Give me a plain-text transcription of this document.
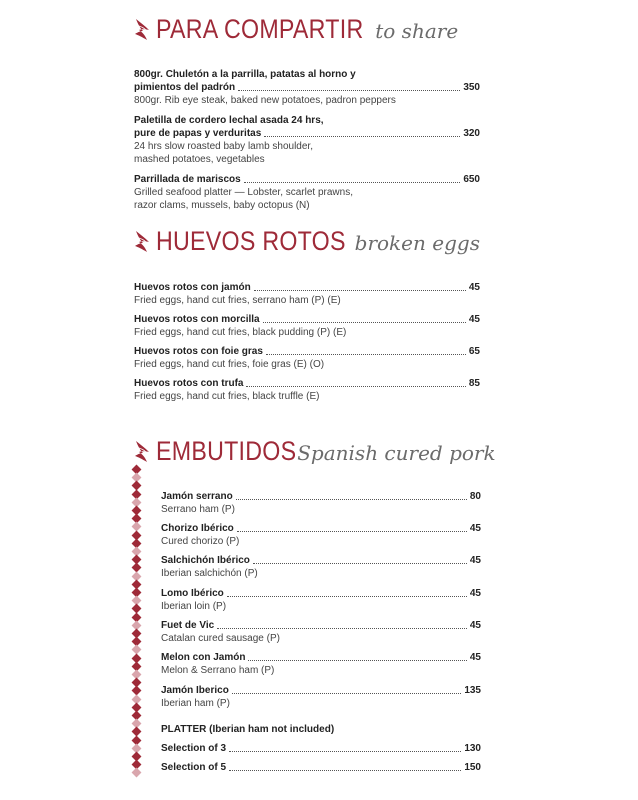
PARA COMPARTIR to share
800gr. Chuletón a la parrilla, patatas al horno y
pimientos del padrón	350
800gr. Rib eye steak, baked new potatoes, padron peppers
Paletilla de cordero lechal asada 24 hrs,
pure de papas y verduritas	320
24 hrs slow roasted baby lamb shoulder,
mashed potatoes, vegetables
Parrillada de mariscos	650
Grilled seafood platter — Lobster, scarlet prawns,
razor clams, mussels, baby octopus (N)
HUEVOS ROTOS broken eggs
Huevos rotos con jamón	45
Fried eggs, hand cut fries, serrano ham (P) (E)
Huevos rotos con morcilla	45
Fried eggs, hand cut fries, black pudding (P) (E)
Huevos rotos con foie gras	65
Fried eggs, hand cut fries, foie gras (E) (O)
Huevos rotos con trufa	85
Fried eggs, hand cut fries, black truffle (E)
EMBUTIDOS Spanish cured pork
Jamón serrano	80
Serrano ham (P)
Chorizo Ibérico	45
Cured chorizo (P)
Salchichón Ibérico	45
Iberian salchichón (P)
Lomo Ibérico	45
Iberian loin (P)
Fuet de Vic	45
Catalan cured sausage (P)
Melon con Jamón	45
Melon & Serrano ham (P)
Jamón Iberico	135
Iberian ham (P)
PLATTER (Iberian ham not included)
Selection of 3	130
Selection of 5	150
